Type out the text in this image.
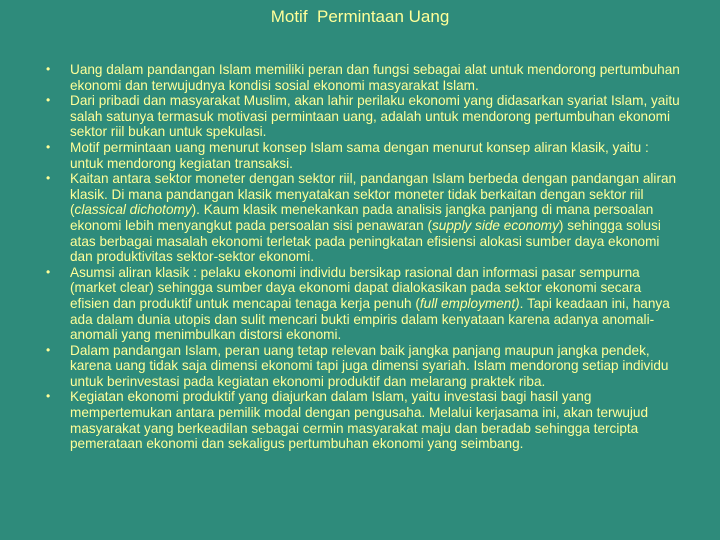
Motif  Permintaan Uang
• Uang dalam pandangan Islam memiliki peran dan fungsi sebagai alat untuk mendorong pertumbuhan ekonomi dan terwujudnya kondisi sosial ekonomi masyarakat Islam.
• Dari pribadi dan masyarakat Muslim, akan lahir perilaku ekonomi yang didasarkan syariat Islam, yaitu salah satunya termasuk motivasi permintaan uang, adalah untuk mendorong pertumbuhan ekonomi sektor riil bukan untuk spekulasi.
• Motif permintaan uang menurut konsep Islam sama dengan menurut konsep aliran klasik, yaitu : untuk mendorong kegiatan transaksi.
• Kaitan antara sektor moneter dengan sektor riil, pandangan Islam berbeda dengan pandangan aliran klasik. Di mana pandangan klasik menyatakan sektor moneter tidak berkaitan dengan sektor riil (classical dichotomy). Kaum klasik menekankan pada analisis jangka panjang di mana persoalan ekonomi lebih menyangkut pada persoalan sisi penawaran (supply side economy) sehingga solusi atas berbagai masalah ekonomi terletak pada peningkatan efisiensi alokasi sumber daya ekonomi dan produktivitas sektor-sektor ekonomi.
• Asumsi aliran klasik : pelaku ekonomi individu bersikap rasional dan informasi pasar sempurna (market clear) sehingga sumber daya ekonomi dapat dialokasikan pada sektor ekonomi secara efisien dan produktif untuk mencapai tenaga kerja penuh (full employment). Tapi keadaan ini, hanya ada dalam dunia utopis dan sulit mencari bukti empiris dalam kenyataan karena adanya anomali-anomali yang menimbulkan distorsi ekonomi.
• Dalam pandangan Islam, peran uang tetap relevan baik jangka panjang maupun jangka pendek, karena uang tidak saja dimensi ekonomi tapi juga dimensi syariah. Islam mendorong setiap individu untuk berinvestasi pada kegiatan ekonomi produktif dan melarang praktek riba.
• Kegiatan ekonomi produktif yang diajurkan dalam Islam, yaitu investasi bagi hasil yang mempertemukan antara pemilik modal dengan pengusaha. Melalui kerjasama ini, akan terwujud masyarakat yang berkeadilan sebagai cermin masyarakat maju dan beradab sehingga tercipta pemerataan ekonomi dan sekaligus pertumbuhan ekonomi yang seimbang.
